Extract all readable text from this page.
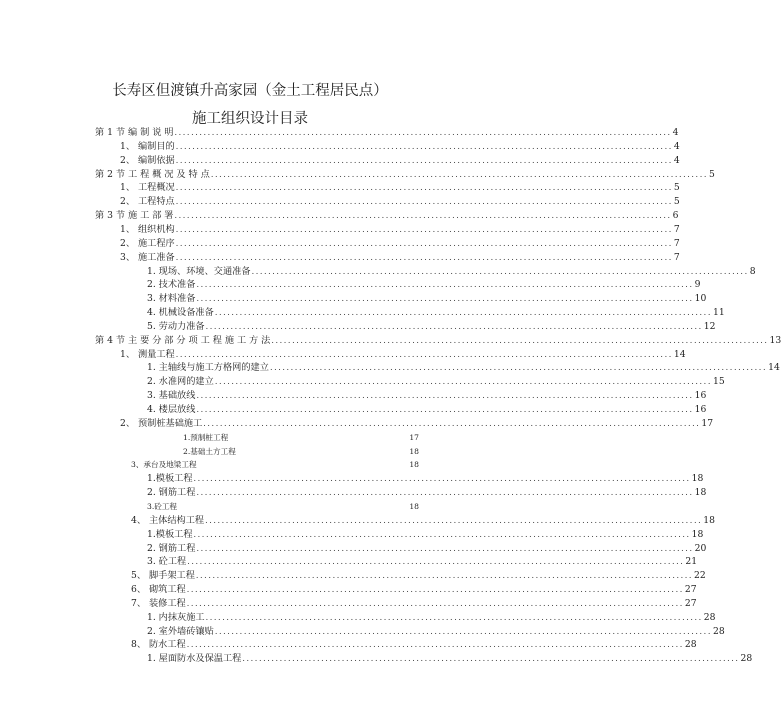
长寿区但渡镇升高家园（金土工程居民点）
施工组织设计目录
第 1 节 编 制 说 明 ........................................................................................................................ 4
1、 编制目的 ........................................................................................................................ 4
2、 编制依据 ........................................................................................................................ 4
第 2 节 工 程 概 况 及 特 点 ........................................................................................................................ 5
1、 工程概况 ........................................................................................................................ 5
2、 工程特点 ........................................................................................................................ 5
第 3 节 施 工 部 署 ........................................................................................................................ 6
1、 组织机构 ........................................................................................................................ 7
2、 施工程序 ........................................................................................................................ 7
3、 施工准备 ........................................................................................................................ 7
1. 现场、环境、交通准备 ........................................................................................................................ 8
2. 技术准备 ........................................................................................................................ 9
3. 材料准备 ........................................................................................................................ 10
4. 机械设备准备 ........................................................................................................................ 11
5. 劳动力准备 ........................................................................................................................ 12
第 4 节 主 要 分 部 分 项 工 程 施 工 方 法 ........................................................................................................................ 13
1、 测量工程 ........................................................................................................................ 14
1. 主轴线与施工方格网的建立 ........................................................................................................................ 14
2. 水准网的建立 ........................................................................................................................ 15
3. 基础放线 ........................................................................................................................ 16
4. 楼层放线 ........................................................................................................................ 16
2、 预制桩基础施工 ........................................................................................................................ 17
1.预制桩工程	17
2.基础土方工程	18
3、承台及地梁工程	18
1.模板工程 ........................................................................................................................ 18
2. 钢筋工程 ........................................................................................................................ 18
3.砼工程	18
4、 主体结构工程 ........................................................................................................................ 18
1.模板工程 ........................................................................................................................ 18
2. 钢筋工程 ........................................................................................................................ 20
3. 砼工程 ........................................................................................................................ 21
5、 脚手架工程 ........................................................................................................................ 22
6、 砌筑工程 ........................................................................................................................ 27
7、 装修工程 ........................................................................................................................ 27
1. 内抹灰施工 ........................................................................................................................ 28
2. 室外墙砖镶贴 ........................................................................................................................ 28
8、 防水工程 ........................................................................................................................ 28
1. 屋面防水及保温工程 ........................................................................................................................ 28
